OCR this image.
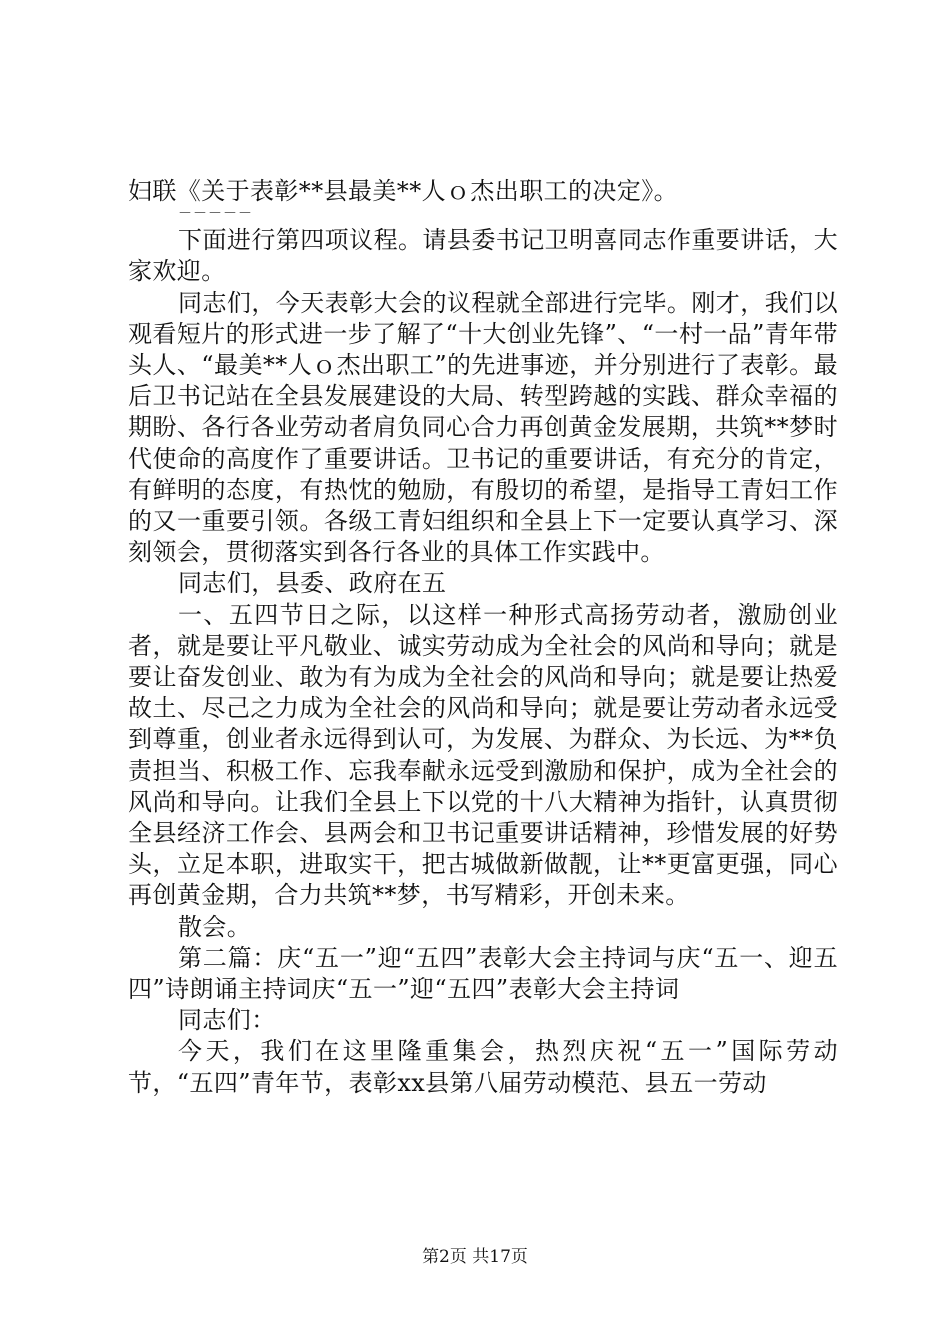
妇联《关于表彰**县最美**人ｏ杰出职工的决定》。

－－－－－

下面进行第四项议程。请县委书记卫明喜同志作重要讲话，大家欢迎。

同志们，今天表彰大会的议程就全部进行完毕。刚才，我们以观看短片的形式进一步了解了“十大创业先锋”、“一村一品”青年带头人、“最美**人ｏ杰出职工”的先进事迹，并分别进行了表彰。最后卫书记站在全县发展建设的大局、转型跨越的实践、群众幸福的期盼、各行各业劳动者肩负同心合力再创黄金发展期，共筑**梦时代使命的高度作了重要讲话。卫书记的重要讲话，有充分的肯定，有鲜明的态度，有热忱的勉励，有殷切的希望，是指导工青妇工作的又一重要引领。各级工青妇组织和全县上下一定要认真学习、深刻领会，贯彻落实到各行各业的具体工作实践中。

同志们，县委、政府在五

一、五四节日之际，以这样一种形式高扬劳动者，激励创业者，就是要让平凡敬业、诚实劳动成为全社会的风尚和导向；就是要让奋发创业、敢为有为成为全社会的风尚和导向；就是要让热爱故土、尽己之力成为全社会的风尚和导向；就是要让劳动者永远受到尊重，创业者永远得到认可，为发展、为群众、为长远、为**负责担当、积极工作、忘我奉献永远受到激励和保护，成为全社会的风尚和导向。让我们全县上下以党的十八大精神为指针，认真贯彻全县经济工作会、县两会和卫书记重要讲话精神，珍惜发展的好势头，立足本职，进取实干，把古城做新做靓，让**更富更强，同心再创黄金期，合力共筑**梦，书写精彩，开创未来。

散会。

第二篇：庆“五一”迎“五四”表彰大会主持词与庆“五一、迎五四”诗朗诵主持词庆“五一”迎“五四”表彰大会主持词

同志们：

今天，我们在这里隆重集会，热烈庆祝“五一”国际劳动节，“五四”青年节，表彰xx县第八届劳动模范、县五一劳动

第2页 共17页
